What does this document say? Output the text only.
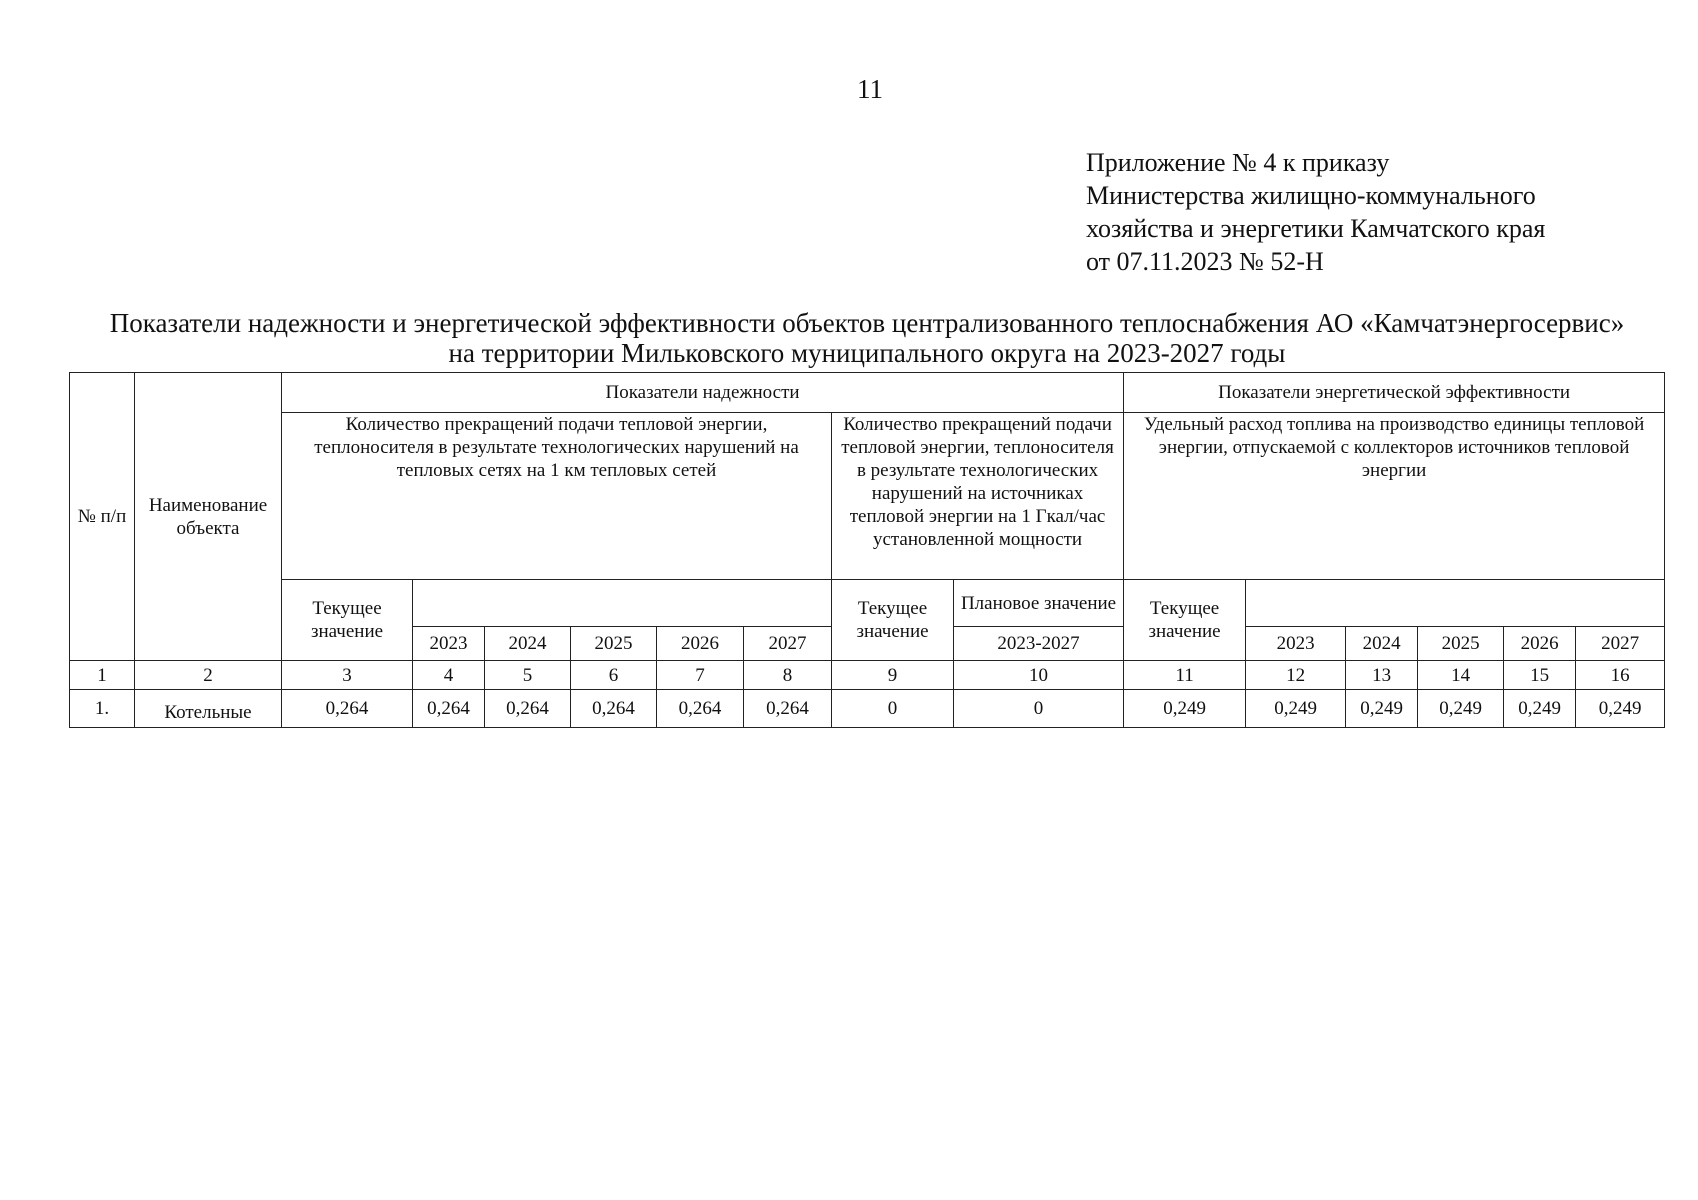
11
Приложение № 4 к приказу
Министерства жилищно-коммунального
хозяйства и энергетики Камчатского края
от 07.11.2023 № 52-Н
Показатели надежности и энергетической эффективности объектов централизованного теплоснабжения АО «Камчатэнергосервис»
на территории Мильковского муниципального округа на 2023-2027 годы
№ п/п	Наименование объекта	Показатели надежности								Показатели энергетической эффективности					
		Количество прекращений подачи тепловой энергии, теплоносителя в результате технологических нарушений на тепловых сетях на 1 км тепловых сетей						Количество прекращений подачи тепловой энергии, теплоносителя в результате технологических нарушений на источниках тепловой энергии на 1 Гкал/час установленной мощности		Удельный расход топлива на производство единицы тепловой энергии, отпускаемой с коллекторов источников тепловой энергии					
		Текущее значение						Текущее значение	Плановое значение	Текущее значение					
			2023	2024	2025	2026	2027		2023-2027		2023	2024	2025	2026	2027
1	2	3	4	5	6	7	8	9	10	11	12	13	14	15	16
1.	Котельные	0,264	0,264	0,264	0,264	0,264	0,264	0	0	0,249	0,249	0,249	0,249	0,249	0,249
